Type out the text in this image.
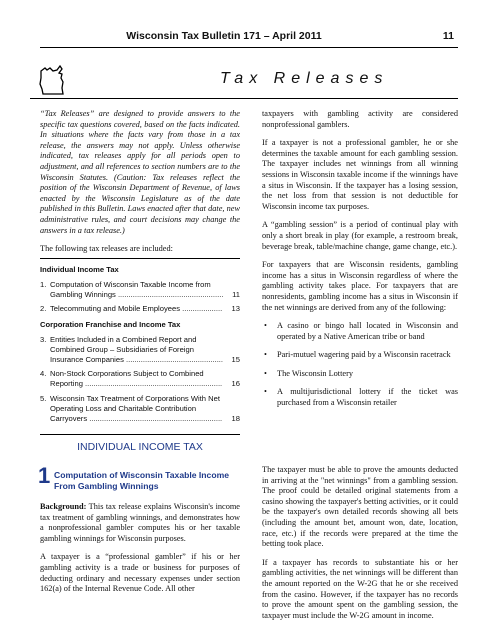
Wisconsin Tax Bulletin 171 – April 2011	11
Tax Releases

“Tax Releases” are designed to provide answers to the specific tax questions covered, based on the facts indicated. In situations where the facts vary from those in a tax release, the answers may not apply. Unless otherwise indicated, tax releases apply for all periods open to adjustment, and all references to section numbers are to the Wisconsin Statutes. (Caution: Tax releases reflect the position of the Wisconsin Department of Revenue, of laws enacted by the Wisconsin Legislature as of the date published in this Bulletin. Laws enacted after that date, new administrative rules, and court decisions may change the answers in a tax release.)

The following tax releases are included:

Individual Income Tax
1. Computation of Wisconsin Taxable Income from Gambling Winnings ..................................................	11
2. Telecommuting and Mobile Employees ...................	13
Corporation Franchise and Income Tax
3. Entities Included in a Combined Report and Combined Group – Subsidiaries of Foreign Insurance Companies ..............................................	15
4. Non-Stock Corporations Subject to Combined Reporting .................................................................	16
5. Wisconsin Tax Treatment of Corporations With Net Operating Loss and Charitable Contribution Carryovers ...............................................................	18
INDIVIDUAL INCOME TAX
1 Computation of Wisconsin Taxable Income From Gambling Winnings

Background: This tax release explains Wisconsin's income tax treatment of gambling winnings, and demonstrates how a nonprofessional gambler computes his or her taxable gambling winnings for Wisconsin purposes.

A taxpayer is a “professional gambler” if his or her gambling activity is a trade or business for purposes of deducting ordinary and necessary expenses under section 162(a) of the Internal Revenue Code. All other

taxpayers with gambling activity are considered nonprofessional gamblers.

If a taxpayer is not a professional gambler, he or she determines the taxable amount for each gambling session. The taxpayer includes net winnings from all winning sessions in Wisconsin taxable income if the winnings have a situs in Wisconsin. If the taxpayer has a losing session, the net loss from that session is not deductible for Wisconsin income tax purposes.

A “gambling session” is a period of continual play with only a short break in play (for example, a restroom break, beverage break, table/machine change, game change, etc.).

For taxpayers that are Wisconsin residents, gambling income has a situs in Wisconsin regardless of where the gambling activity takes place. For taxpayers that are nonresidents, gambling income has a situs in Wisconsin if the net winnings are derived from any of the following:

• A casino or bingo hall located in Wisconsin and operated by a Native American tribe or band
• Pari-mutuel wagering paid by a Wisconsin racetrack
• The Wisconsin Lottery
• A multijurisdictional lottery if the ticket was purchased from a Wisconsin retailer

The taxpayer must be able to prove the amounts deducted in arriving at the "net winnings" from a gambling session. The proof could be detailed original statements from a casino showing the taxpayer's betting activities, or it could be the taxpayer's own detailed records showing all bets (including the amount bet, amount won, date, location, race, etc.) if the records were prepared at the time the betting took place.

If a taxpayer has records to substantiate his or her gambling activities, the net winnings will be different than the amount reported on the W-2G that he or she received from the casino. However, if the taxpayer has no records to prove the amount spent on the gambling session, the taxpayer must include the W-2G amount in income.
